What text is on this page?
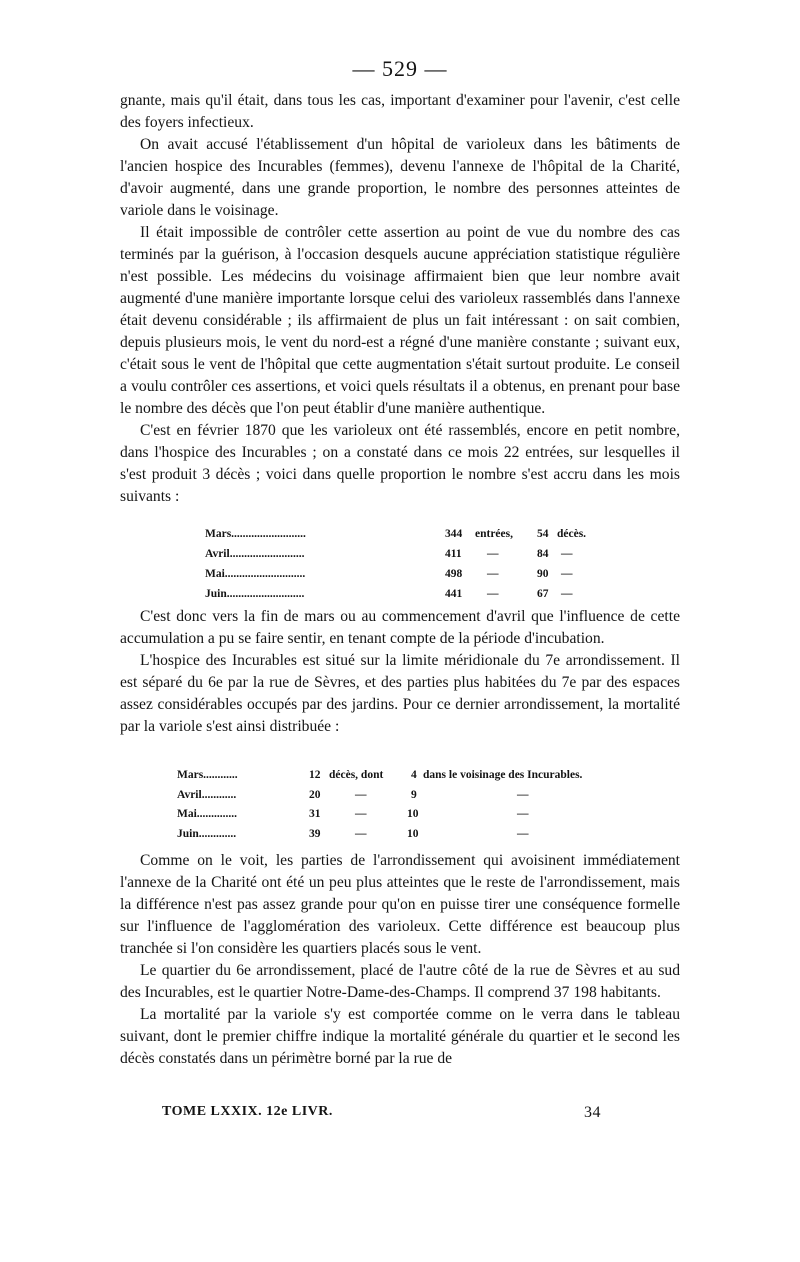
— 529 —

gnante, mais qu'il était, dans tous les cas, important d'examiner pour l'avenir, c'est celle des foyers infectieux.

On avait accusé l'établissement d'un hôpital de varioleux dans les bâtiments de l'ancien hospice des Incurables (femmes), devenu l'annexe de l'hôpital de la Charité, d'avoir augmenté, dans une grande proportion, le nombre des personnes atteintes de variole dans le voisinage.

Il était impossible de contrôler cette assertion au point de vue du nombre des cas terminés par la guérison, à l'occasion desquels aucune appréciation statistique régulière n'est possible. Les médecins du voisinage affirmaient bien que leur nombre avait augmenté d'une manière importante lorsque celui des varioleux rassemblés dans l'annexe était devenu considérable ; ils affirmaient de plus un fait intéressant : on sait combien, depuis plusieurs mois, le vent du nord-est a régné d'une manière constante ; suivant eux, c'était sous le vent de l'hôpital que cette augmentation s'était surtout produite. Le conseil a voulu contrôler ces assertions, et voici quels résultats il a obtenus, en prenant pour base le nombre des décès que l'on peut établir d'une manière authentique.

C'est en février 1870 que les varioleux ont été rassemblés, encore en petit nombre, dans l'hospice des Incurables ; on a constaté dans ce mois 22 entrées, sur lesquelles il s'est produit 3 décès ; voici dans quelle proportion le nombre s'est accru dans les mois suivants :

Mars..........................	344 entrées, 54 décès.
Avril..........................	411 —	84 —
Mai............................	498 —	90 —
Juin...........................	441 —	67 —

C'est donc vers la fin de mars ou au commencement d'avril que l'influence de cette accumulation a pu se faire sentir, en tenant compte de la période d'incubation.

L'hospice des Incurables est situé sur la limite méridionale du 7e arrondissement. Il est séparé du 6e par la rue de Sèvres, et des parties plus habitées du 7e par des espaces assez considérables occupés par des jardins. Pour ce dernier arrondissement, la mortalité par la variole s'est ainsi distribuée :

Mars............	12 décès, dont 4 dans le voisinage des Incurables.
Avril............	20	—	9	—
Mai..............	31	—	10	—
Juin.............	39	—	10	—

Comme on le voit, les parties de l'arrondissement qui avoisinent immédiatement l'annexe de la Charité ont été un peu plus atteintes que le reste de l'arrondissement, mais la différence n'est pas assez grande pour qu'on en puisse tirer une conséquence formelle sur l'influence de l'agglomération des varioleux. Cette différence est beaucoup plus tranchée si l'on considère les quartiers placés sous le vent.

Le quartier du 6e arrondissement, placé de l'autre côté de la rue de Sèvres et au sud des Incurables, est le quartier Notre-Dame-des-Champs. Il comprend 37 198 habitants.

La mortalité par la variole s'y est comportée comme on le verra dans le tableau suivant, dont le premier chiffre indique la mortalité générale du quartier et le second les décès constatés dans un périmètre borné par la rue de

TOME LXXIX. 12e LIVR.	34
